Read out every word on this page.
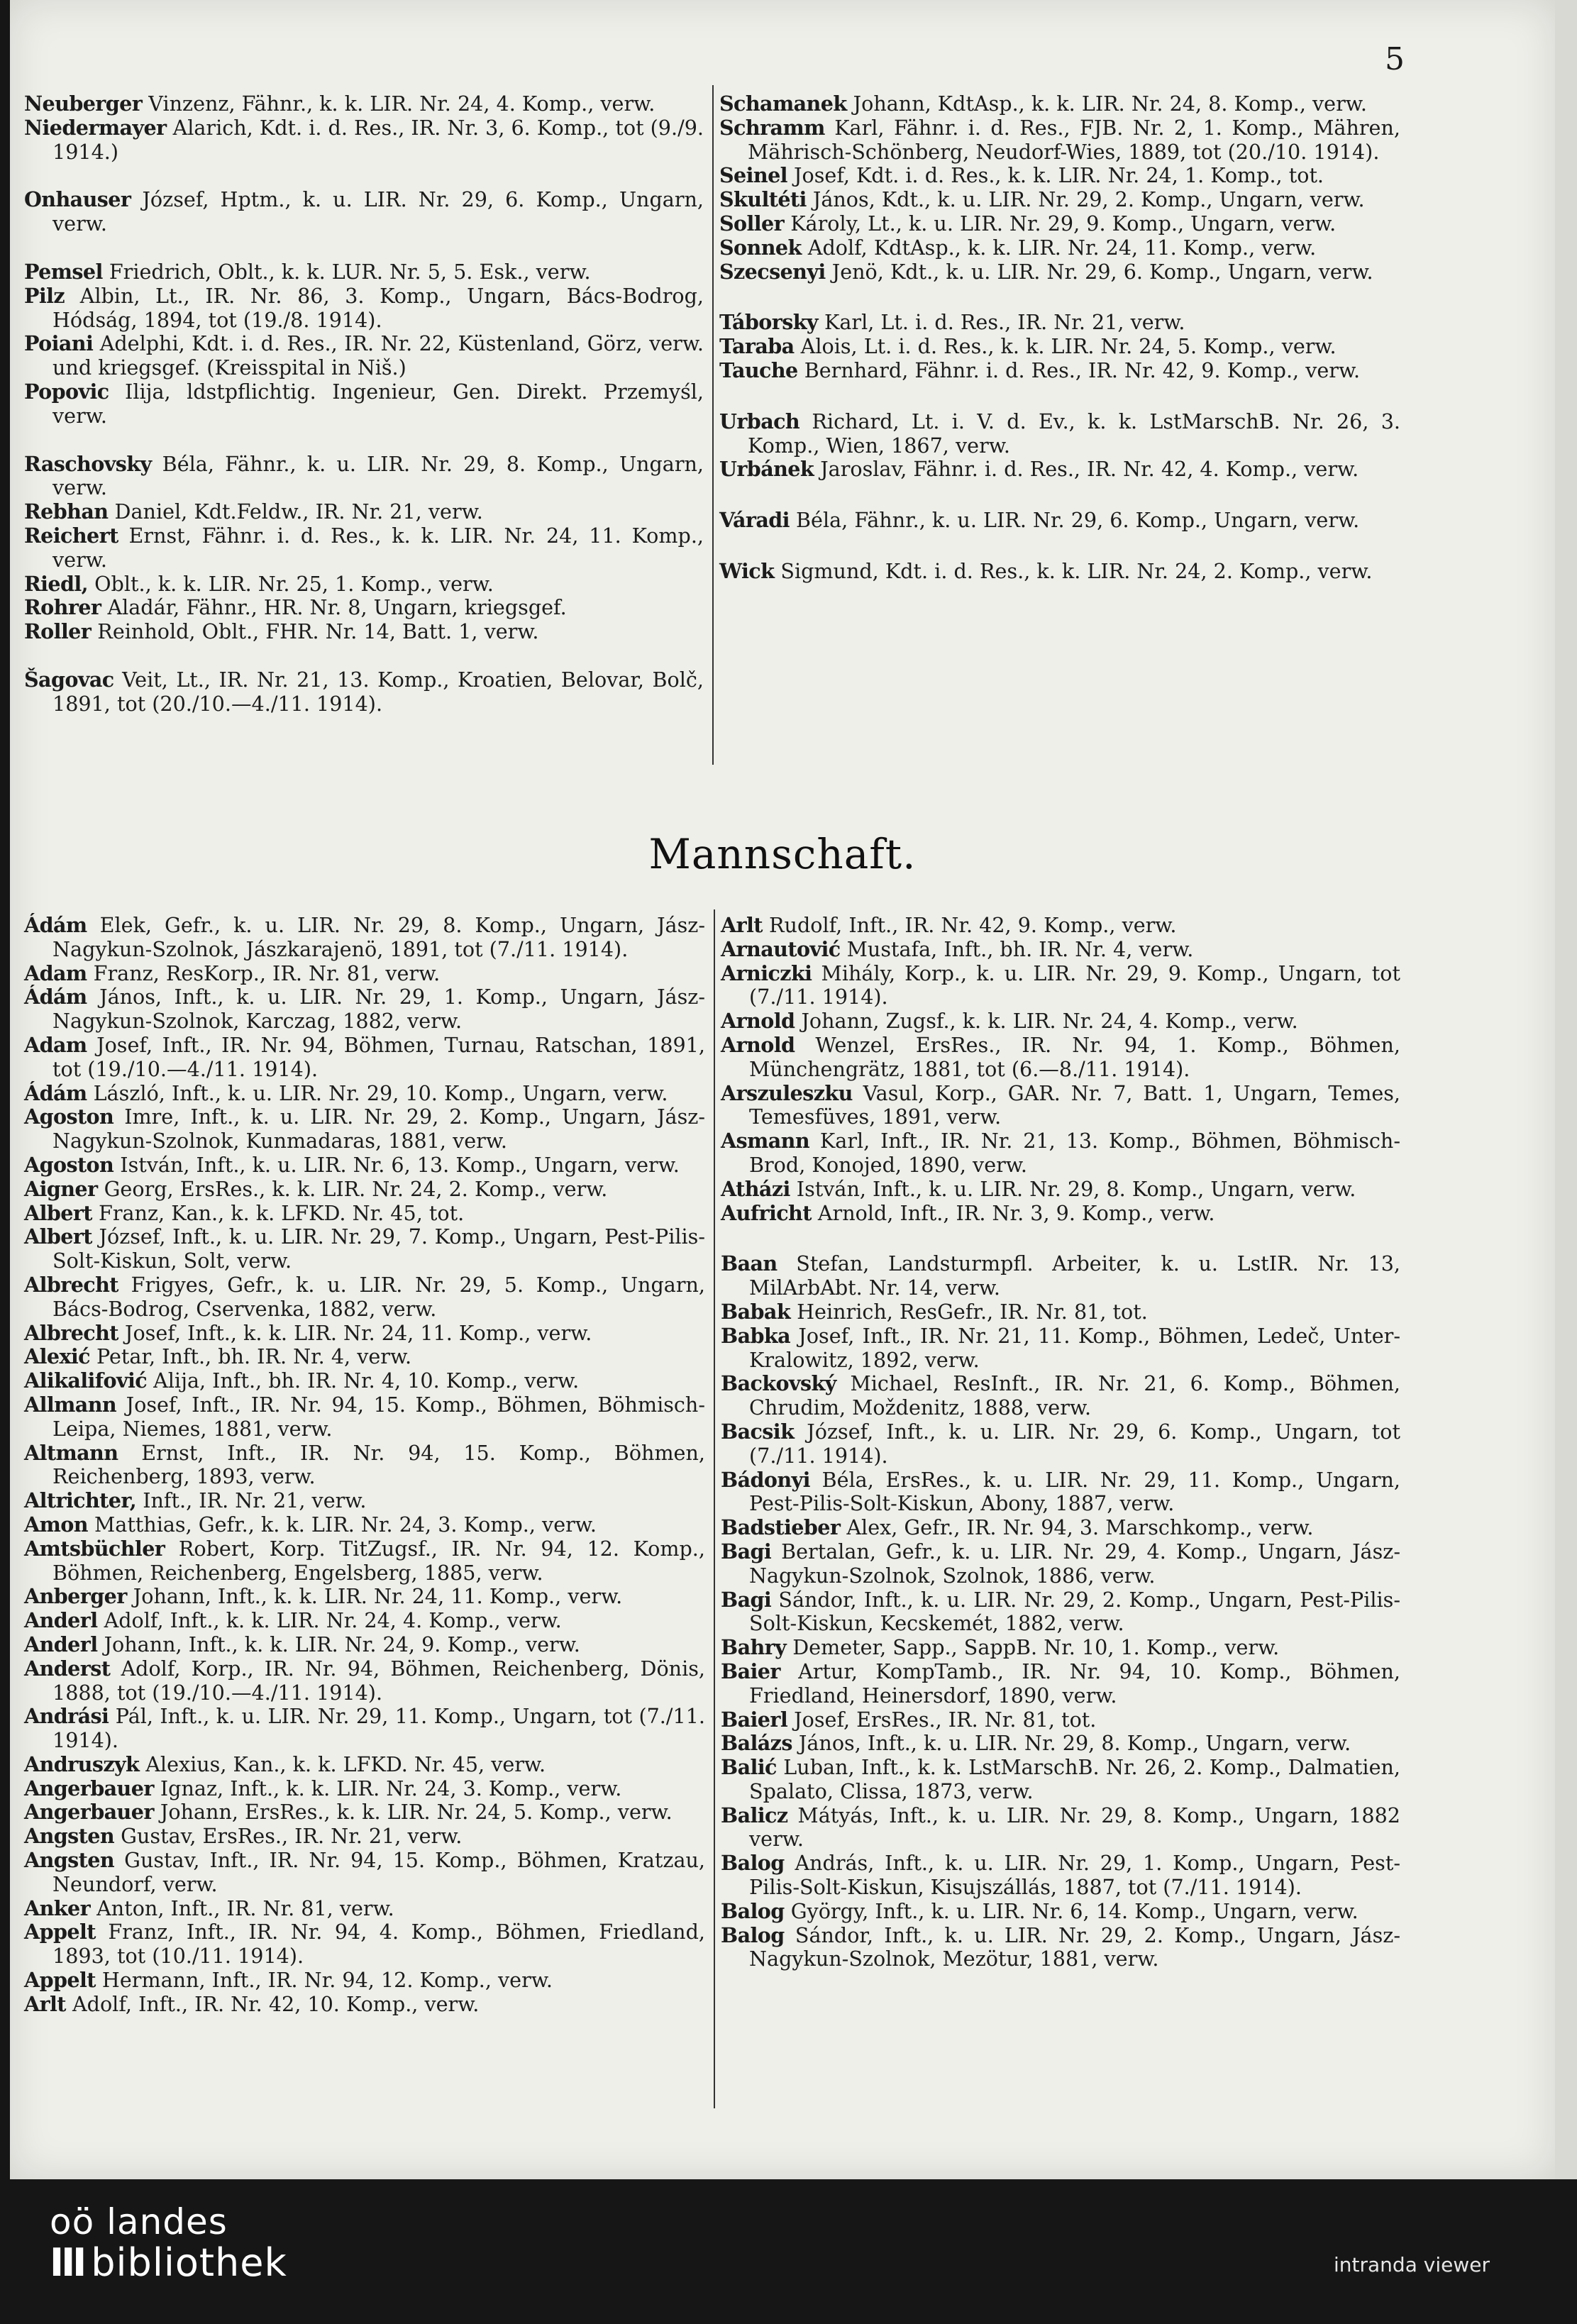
5

Neuberger Vinzenz, Fähnr., k. k. LIR. Nr. 24, 4. Komp., verw.

Niedermayer Alarich, Kdt. i. d. Res., IR. Nr. 3, 6. Komp., tot (9./9. 1914.)

Onhauser József, Hptm., k. u. LIR. Nr. 29, 6. Komp., Ungarn, verw.

Pemsel Friedrich, Oblt., k. k. LUR. Nr. 5, 5. Esk., verw.

Pilz Albin, Lt., IR. Nr. 86, 3. Komp., Ungarn, Bács-Bodrog, Hódság, 1894, tot (19./8. 1914).

Poiani Adelphi, Kdt. i. d. Res., IR. Nr. 22, Küstenland, Görz, verw. und kriegsgef. (Kreisspital in Niš.)

Popovic Ilija, ldstpflichtig. Ingenieur, Gen. Direkt. Przemyśl, verw.

Raschovsky Béla, Fähnr., k. u. LIR. Nr. 29, 8. Komp., Ungarn, verw.

Rebhan Daniel, Kdt.Feldw., IR. Nr. 21, verw.

Reichert Ernst, Fähnr. i. d. Res., k. k. LIR. Nr. 24, 11. Komp., verw.

Riedl, Oblt., k. k. LIR. Nr. 25, 1. Komp., verw.

Rohrer Aladár, Fähnr., HR. Nr. 8, Ungarn, kriegsgef.

Roller Reinhold, Oblt., FHR. Nr. 14, Batt. 1, verw.

Šagovac Veit, Lt., IR. Nr. 21, 13. Komp., Kroatien, Belovar, Bolč, 1891, tot (20./10.—4./11. 1914).

Schamanek Johann, KdtAsp., k. k. LIR. Nr. 24, 8. Komp., verw.

Schramm Karl, Fähnr. i. d. Res., FJB. Nr. 2, 1. Komp., Mähren, Mährisch-Schönberg, Neudorf-Wies, 1889, tot (20./10. 1914).

Seinel Josef, Kdt. i. d. Res., k. k. LIR. Nr. 24, 1. Komp., tot.

Skultéti János, Kdt., k. u. LIR. Nr. 29, 2. Komp., Ungarn, verw.

Soller Károly, Lt., k. u. LIR. Nr. 29, 9. Komp., Ungarn, verw.

Sonnek Adolf, KdtAsp., k. k. LIR. Nr. 24, 11. Komp., verw.

Szecsenyi Jenö, Kdt., k. u. LIR. Nr. 29, 6. Komp., Ungarn, verw.

Táborsky Karl, Lt. i. d. Res., IR. Nr. 21, verw.

Taraba Alois, Lt. i. d. Res., k. k. LIR. Nr. 24, 5. Komp., verw.

Tauche Bernhard, Fähnr. i. d. Res., IR. Nr. 42, 9. Komp., verw.

Urbach Richard, Lt. i. V. d. Ev., k. k. LstMarschB. Nr. 26, 3. Komp., Wien, 1867, verw.

Urbánek Jaroslav, Fähnr. i. d. Res., IR. Nr. 42, 4. Komp., verw.

Váradi Béla, Fähnr., k. u. LIR. Nr. 29, 6. Komp., Ungarn, verw.

Wick Sigmund, Kdt. i. d. Res., k. k. LIR. Nr. 24, 2. Komp., verw.

Mannschaft.

Ádám Elek, Gefr., k. u. LIR. Nr. 29, 8. Komp., Ungarn, Jász-Nagykun-Szolnok, Jászkarajenö, 1891, tot (7./11. 1914).

Adam Franz, ResKorp., IR. Nr. 81, verw.

Ádám János, Inft., k. u. LIR. Nr. 29, 1. Komp., Ungarn, Jász-Nagykun-Szolnok, Karczag, 1882, verw.

Adam Josef, Inft., IR. Nr. 94, Böhmen, Turnau, Ratschan, 1891, tot (19./10.—4./11. 1914).

Ádám László, Inft., k. u. LIR. Nr. 29, 10. Komp., Ungarn, verw.

Agoston Imre, Inft., k. u. LIR. Nr. 29, 2. Komp., Ungarn, Jász-Nagykun-Szolnok, Kunmadaras, 1881, verw.

Agoston István, Inft., k. u. LIR. Nr. 6, 13. Komp., Ungarn, verw.

Aigner Georg, ErsRes., k. k. LIR. Nr. 24, 2. Komp., verw.

Albert Franz, Kan., k. k. LFKD. Nr. 45, tot.

Albert József, Inft., k. u. LIR. Nr. 29, 7. Komp., Ungarn, Pest-Pilis-Solt-Kiskun, Solt, verw.

Albrecht Frigyes, Gefr., k. u. LIR. Nr. 29, 5. Komp., Ungarn, Bács-Bodrog, Cservenka, 1882, verw.

Albrecht Josef, Inft., k. k. LIR. Nr. 24, 11. Komp., verw.

Alexić Petar, Inft., bh. IR. Nr. 4, verw.

Alikalifović Alija, Inft., bh. IR. Nr. 4, 10. Komp., verw.

Allmann Josef, Inft., IR. Nr. 94, 15. Komp., Böhmen, Böhmisch-Leipa, Niemes, 1881, verw.

Altmann Ernst, Inft., IR. Nr. 94, 15. Komp., Böhmen, Reichenberg, 1893, verw.

Altrichter, Inft., IR. Nr. 21, verw.

Amon Matthias, Gefr., k. k. LIR. Nr. 24, 3. Komp., verw.

Amtsbüchler Robert, Korp. TitZugsf., IR. Nr. 94, 12. Komp., Böhmen, Reichenberg, Engelsberg, 1885, verw.

Anberger Johann, Inft., k. k. LIR. Nr. 24, 11. Komp., verw.

Anderl Adolf, Inft., k. k. LIR. Nr. 24, 4. Komp., verw.

Anderl Johann, Inft., k. k. LIR. Nr. 24, 9. Komp., verw.

Anderst Adolf, Korp., IR. Nr. 94, Böhmen, Reichenberg, Dönis, 1888, tot (19./10.—4./11. 1914).

Andrási Pál, Inft., k. u. LIR. Nr. 29, 11. Komp., Ungarn, tot (7./11. 1914).

Andruszyk Alexius, Kan., k. k. LFKD. Nr. 45, verw.

Angerbauer Ignaz, Inft., k. k. LIR. Nr. 24, 3. Komp., verw.

Angerbauer Johann, ErsRes., k. k. LIR. Nr. 24, 5. Komp., verw.

Angsten Gustav, ErsRes., IR. Nr. 21, verw.

Angsten Gustav, Inft., IR. Nr. 94, 15. Komp., Böhmen, Kratzau, Neundorf, verw.

Anker Anton, Inft., IR. Nr. 81, verw.

Appelt Franz, Inft., IR. Nr. 94, 4. Komp., Böhmen, Friedland, 1893, tot (10./11. 1914).

Appelt Hermann, Inft., IR. Nr. 94, 12. Komp., verw.

Arlt Adolf, Inft., IR. Nr. 42, 10. Komp., verw.

Arlt Rudolf, Inft., IR. Nr. 42, 9. Komp., verw.

Arnautović Mustafa, Inft., bh. IR. Nr. 4, verw.

Arniczki Mihály, Korp., k. u. LIR. Nr. 29, 9. Komp., Ungarn, tot (7./11. 1914).

Arnold Johann, Zugsf., k. k. LIR. Nr. 24, 4. Komp., verw.

Arnold Wenzel, ErsRes., IR. Nr. 94, 1. Komp., Böhmen, Münchengrätz, 1881, tot (6.—8./11. 1914).

Arszuleszku Vasul, Korp., GAR. Nr. 7, Batt. 1, Ungarn, Temes, Temesfüves, 1891, verw.

Asmann Karl, Inft., IR. Nr. 21, 13. Komp., Böhmen, Böhmisch-Brod, Konojed, 1890, verw.

Atházi István, Inft., k. u. LIR. Nr. 29, 8. Komp., Ungarn, verw.

Aufricht Arnold, Inft., IR. Nr. 3, 9. Komp., verw.

Baan Stefan, Landsturmpfl. Arbeiter, k. u. LstIR. Nr. 13, MilArbAbt. Nr. 14, verw.

Babak Heinrich, ResGefr., IR. Nr. 81, tot.

Babka Josef, Inft., IR. Nr. 21, 11. Komp., Böhmen, Ledeč, Unter-Kralowitz, 1892, verw.

Backovský Michael, ResInft., IR. Nr. 21, 6. Komp., Böhmen, Chrudim, Moždenitz, 1888, verw.

Bacsik József, Inft., k. u. LIR. Nr. 29, 6. Komp., Ungarn, tot (7./11. 1914).

Bádonyi Béla, ErsRes., k. u. LIR. Nr. 29, 11. Komp., Ungarn, Pest-Pilis-Solt-Kiskun, Abony, 1887, verw.

Badstieber Alex, Gefr., IR. Nr. 94, 3. Marschkomp., verw.

Bagi Bertalan, Gefr., k. u. LIR. Nr. 29, 4. Komp., Ungarn, Jász-Nagykun-Szolnok, Szolnok, 1886, verw.

Bagi Sándor, Inft., k. u. LIR. Nr. 29, 2. Komp., Ungarn, Pest-Pilis-Solt-Kiskun, Kecskemét, 1882, verw.

Bahry Demeter, Sapp., SappB. Nr. 10, 1. Komp., verw.

Baier Artur, KompTamb., IR. Nr. 94, 10. Komp., Böhmen, Friedland, Heinersdorf, 1890, verw.

Baierl Josef, ErsRes., IR. Nr. 81, tot.

Balázs János, Inft., k. u. LIR. Nr. 29, 8. Komp., Ungarn, verw.

Balić Luban, Inft., k. k. LstMarschB. Nr. 26, 2. Komp., Dalmatien, Spalato, Clissa, 1873, verw.

Balicz Mátyás, Inft., k. u. LIR. Nr. 29, 8. Komp., Ungarn, 1882 verw.

Balog András, Inft., k. u. LIR. Nr. 29, 1. Komp., Ungarn, Pest-Pilis-Solt-Kiskun, Kisujszállás, 1887, tot (7./11. 1914).

Balog György, Inft., k. u. LIR. Nr. 6, 14. Komp., Ungarn, verw.

Balog Sándor, Inft., k. u. LIR. Nr. 29, 2. Komp., Ungarn, Jász-Nagykun-Szolnok, Mezötur, 1881, verw.

oö landes
III bibliothek	intranda viewer
